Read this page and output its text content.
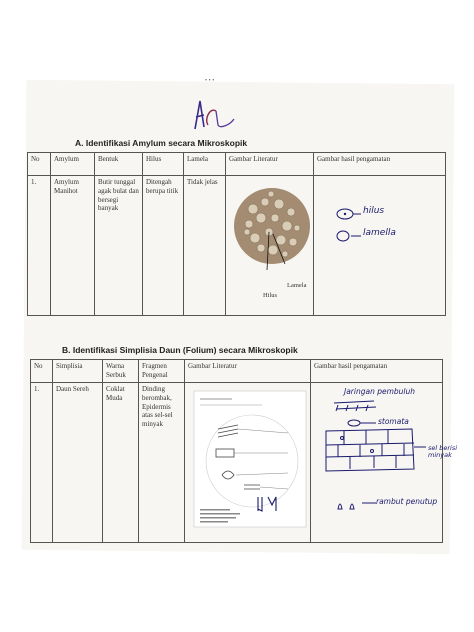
• • •
A. Identifikasi Amylum secara Mikroskopik
No	Amylum	Bentuk	Hilus	Lamela	Gambar Literatur	Gambar hasil pengamatan
1.	Amylum Manihot	Butir tunggal agak bulat dan bersegi banyak	Ditengah berupa titik	Tidak jelas	Lamela
Hilus	hilus
lamella
B. Identifikasi Simplisia Daun (Folium) secara Mikroskopik
No	Simplisia	Warna Serbuk	Fragmen Pengenal	Gambar Literatur	Gambar hasil pengamatan
1.	Daun Sereh	Coklat Muda	Dinding berombak, Epidermis atas sel-sel minyak		Jaringan pembuluh
stomata
sel berisi minyak
rambut penutup
